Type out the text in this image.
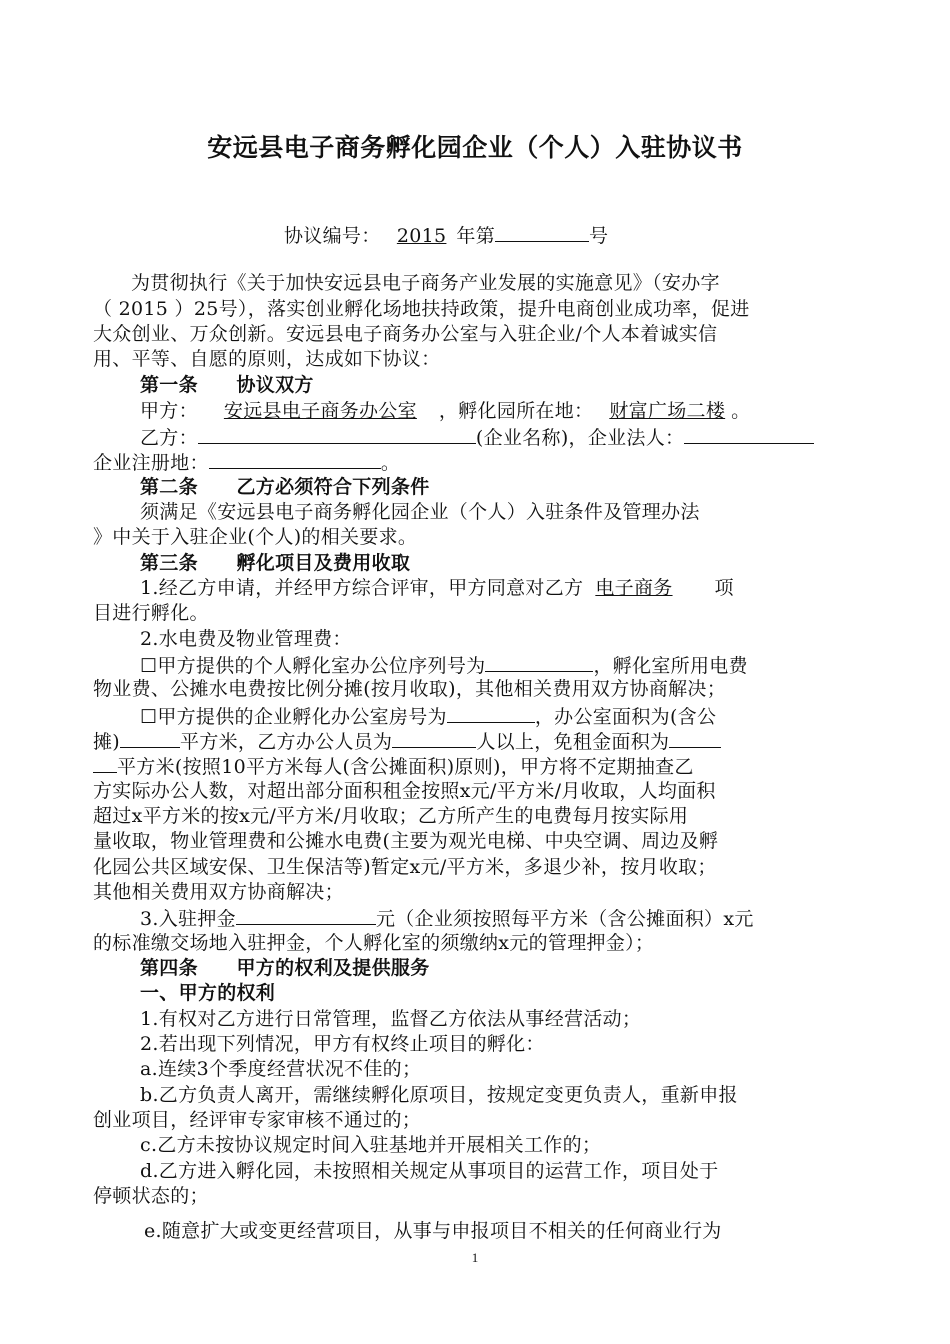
安远县电子商务孵化园企业（个人）入驻协议书
协议编号： 2015 年第	号
为贯彻执行《关于加快安远县电子商务产业发展的实施意见》（安办字
（ 2015 ）25号），落实创业孵化场地扶持政策，提升电商创业成功率，促进
大众创业、万众创新。安远县电子商务办公室与入驻企业/个人本着诚实信
用、平等、自愿的原则，达成如下协议：
第一条　　协议双方
甲方： 安远县电子商务办公室 ，孵化园所在地： 财富广场二楼 。
乙方：	(企业名称)，企业法人：
企业注册地：	。
第二条　　乙方必须符合下列条件
须满足《安远县电子商务孵化园企业（个人）入驻条件及管理办法
》中关于入驻企业(个人)的相关要求。
第三条　　孵化项目及费用收取
1.经乙方申请，并经甲方综合评审，甲方同意对乙方 电子商务 项
目进行孵化。
2.水电费及物业管理费：
☐甲方提供的个人孵化室办公位序列号为	，孵化室所用电费
物业费、公摊水电费按比例分摊(按月收取)，其他相关费用双方协商解决；
☐甲方提供的企业孵化办公室房号为	，办公室面积为(含公
摊)	平方米，乙方办公人员为	人以上，免租金面积为
平方米(按照10平方米每人(含公摊面积)原则)，甲方将不定期抽查乙
方实际办公人数，对超出部分面积租金按照x元/平方米/月收取，人均面积
超过x平方米的按x元/平方米/月收取；乙方所产生的电费每月按实际用
量收取，物业管理费和公摊水电费(主要为观光电梯、中央空调、周边及孵
化园公共区域安保、卫生保洁等)暂定x元/平方米，多退少补，按月收取；
其他相关费用双方协商解决；
3.入驻押金	元（企业须按照每平方米（含公摊面积）x元
的标准缴交场地入驻押金，个人孵化室的须缴纳x元的管理押金）；
第四条　　甲方的权利及提供服务
一、甲方的权利
1.有权对乙方进行日常管理，监督乙方依法从事经营活动；
2.若出现下列情况，甲方有权终止项目的孵化：
a.连续3个季度经营状况不佳的；
b.乙方负责人离开，需继续孵化原项目，按规定变更负责人，重新申报
创业项目，经评审专家审核不通过的；
c.乙方未按协议规定时间入驻基地并开展相关工作的；
d.乙方进入孵化园，未按照相关规定从事项目的运营工作，项目处于
停顿状态的；
e.随意扩大或变更经营项目，从事与申报项目不相关的任何商业行为
1
